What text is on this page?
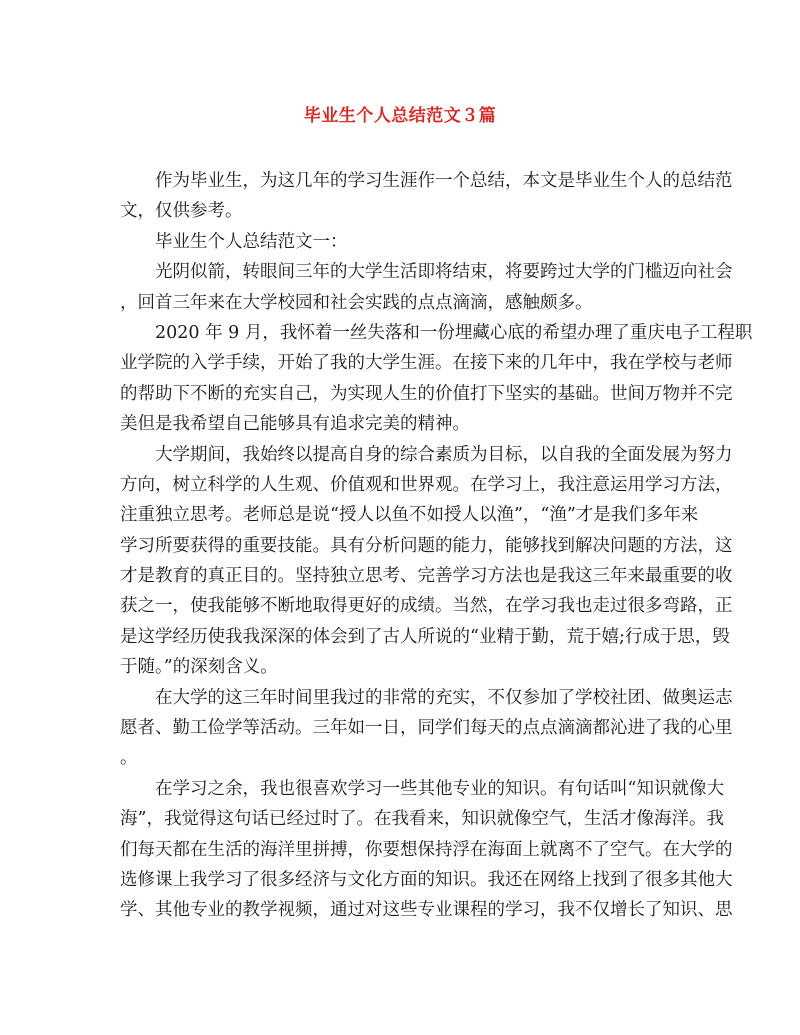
毕业生个人总结范文３篇
作为毕业生，为这几年的学习生涯作一个总结，本文是毕业生个人的总结范
文，仅供参考。
毕业生个人总结范文一：
光阴似箭，转眼间三年的大学生活即将结束，将要跨过大学的门槛迈向社会
，回首三年来在大学校园和社会实践的点点滴滴，感触颇多。
2020 年 9 月，我怀着一丝失落和一份埋藏心底的希望办理了重庆电子工程职
业学院的入学手续，开始了我的大学生涯。在接下来的几年中，我在学校与老师
的帮助下不断的充实自己，为实现人生的价值打下坚实的基础。世间万物并不完
美但是我希望自己能够具有追求完美的精神。
大学期间，我始终以提高自身的综合素质为目标，以自我的全面发展为努力
方向，树立科学的人生观、价值观和世界观。在学习上，我注意运用学习方法，
注重独立思考。老师总是说“授人以鱼不如授人以渔”，“渔”才是我们多年来
学习所要获得的重要技能。具有分析问题的能力，能够找到解决问题的方法，这
才是教育的真正目的。坚持独立思考、完善学习方法也是我这三年来最重要的收
获之一，使我能够不断地取得更好的成绩。当然，在学习我也走过很多弯路，正
是这学经历使我我深深的体会到了古人所说的“业精于勤，荒于嬉;行成于思，毁
于随。”的深刻含义。
在大学的这三年时间里我过的非常的充实，不仅参加了学校社团、做奥运志
愿者、勤工俭学等活动。三年如一日，同学们每天的点点滴滴都沁进了我的心里
。
在学习之余，我也很喜欢学习一些其他专业的知识。有句话叫“知识就像大
海”，我觉得这句话已经过时了。在我看来，知识就像空气，生活才像海洋。我
们每天都在生活的海洋里拼搏，你要想保持浮在海面上就离不了空气。在大学的
选修课上我学习了很多经济与文化方面的知识。我还在网络上找到了很多其他大
学、其他专业的教学视频，通过对这些专业课程的学习，我不仅增长了知识、思
